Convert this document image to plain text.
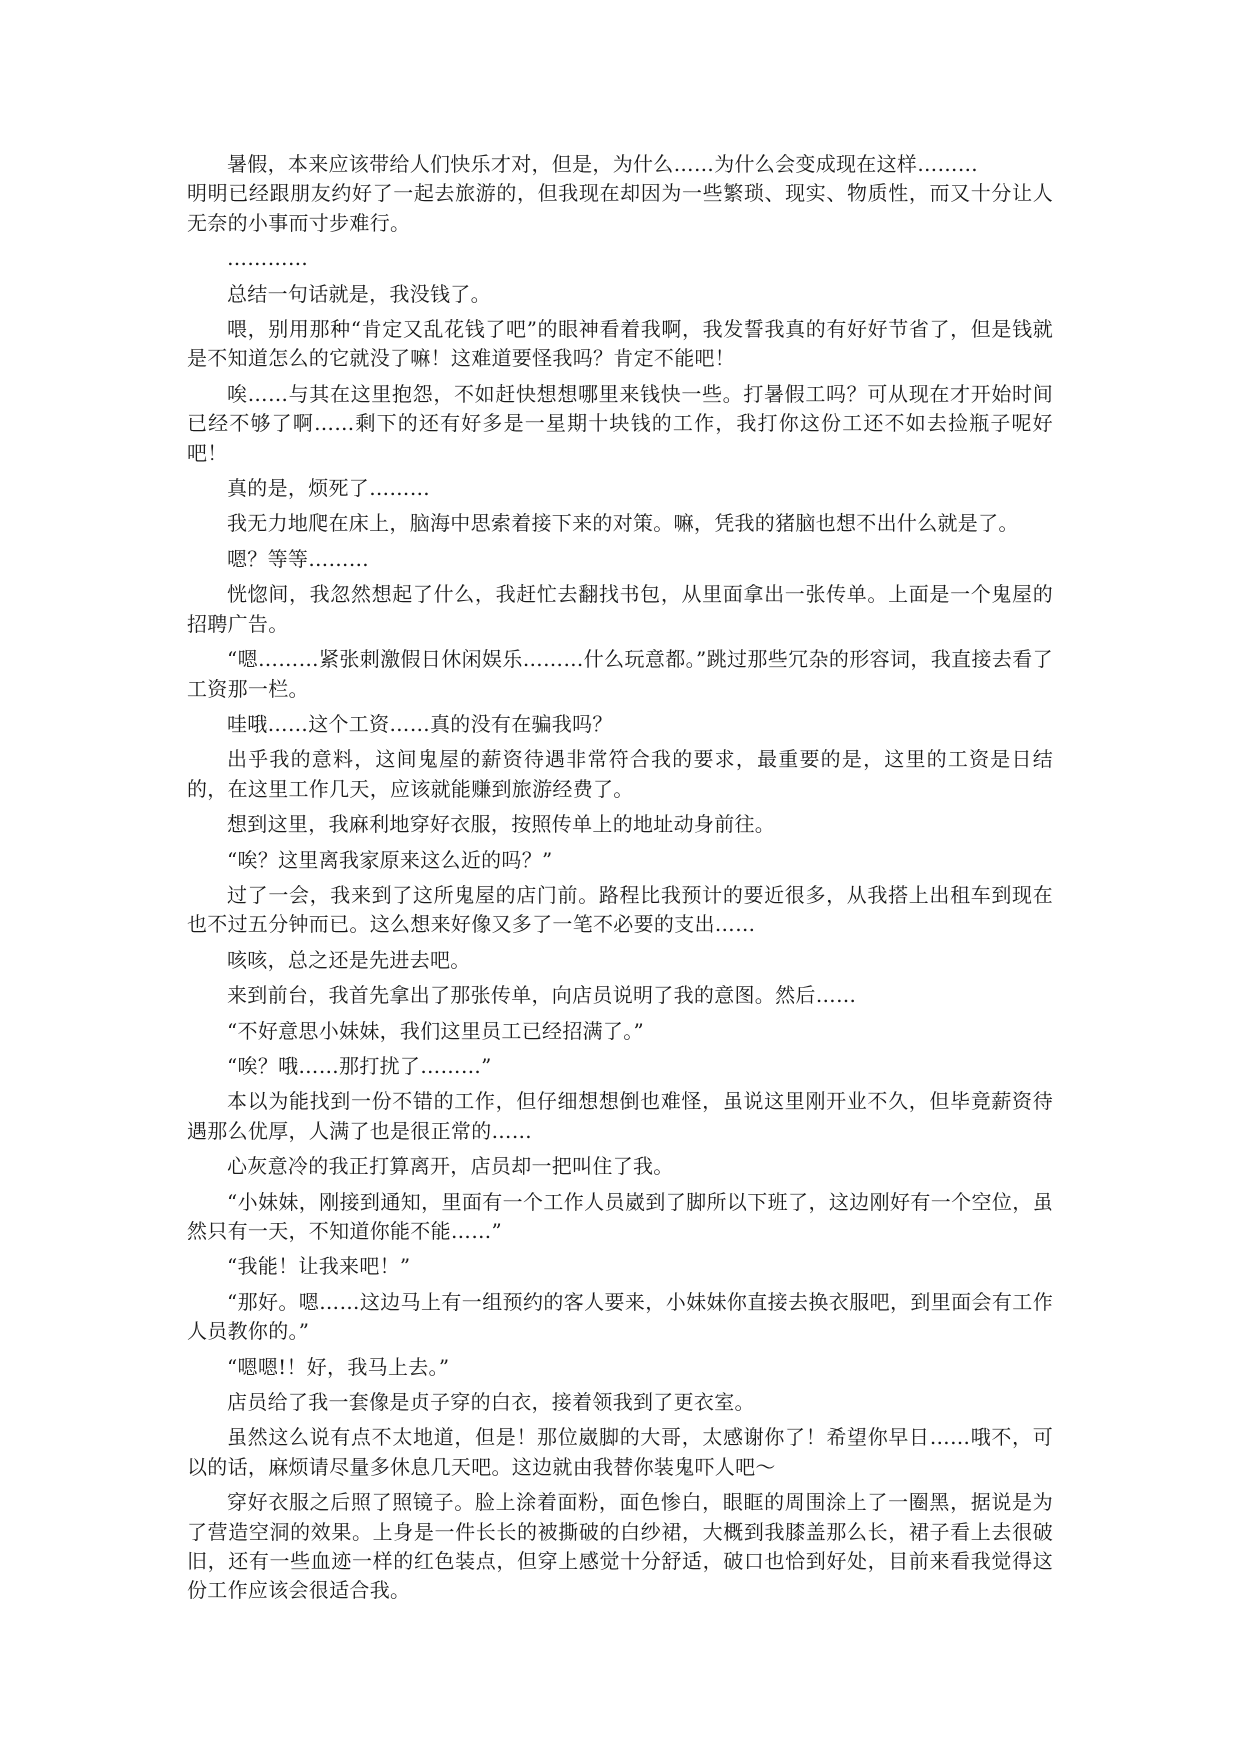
暑假，本来应该带给人们快乐才对，但是，为什么……为什么会变成现在这样………

明明已经跟朋友约好了一起去旅游的，但我现在却因为一些繁琐、现实、物质性，而又十分让人无奈的小事而寸步难行。

…………

总结一句话就是，我没钱了。

喂，别用那种“肯定又乱花钱了吧”的眼神看着我啊，我发誓我真的有好好节省了，但是钱就是不知道怎么的它就没了嘛！这难道要怪我吗？肯定不能吧！

唉……与其在这里抱怨，不如赶快想想哪里来钱快一些。打暑假工吗？可从现在才开始时间已经不够了啊……剩下的还有好多是一星期十块钱的工作，我打你这份工还不如去捡瓶子呢好吧！

真的是，烦死了………

我无力地爬在床上，脑海中思索着接下来的对策。嘛，凭我的猪脑也想不出什么就是了。

嗯？等等………

恍惚间，我忽然想起了什么，我赶忙去翻找书包，从里面拿出一张传单。上面是一个鬼屋的招聘广告。

“嗯………紧张刺激假日休闲娱乐………什么玩意都。”跳过那些冗杂的形容词，我直接去看了工资那一栏。

哇哦……这个工资……真的没有在骗我吗？

出乎我的意料，这间鬼屋的薪资待遇非常符合我的要求，最重要的是，这里的工资是日结的，在这里工作几天，应该就能赚到旅游经费了。

想到这里，我麻利地穿好衣服，按照传单上的地址动身前往。

“唉？这里离我家原来这么近的吗？”

过了一会，我来到了这所鬼屋的店门前。路程比我预计的要近很多，从我搭上出租车到现在也不过五分钟而已。这么想来好像又多了一笔不必要的支出……

咳咳，总之还是先进去吧。

来到前台，我首先拿出了那张传单，向店员说明了我的意图。然后……

“不好意思小妹妹，我们这里员工已经招满了。”

“唉？哦……那打扰了………”

本以为能找到一份不错的工作，但仔细想想倒也难怪，虽说这里刚开业不久，但毕竟薪资待遇那么优厚，人满了也是很正常的……

心灰意冷的我正打算离开，店员却一把叫住了我。

“小妹妹，刚接到通知，里面有一个工作人员崴到了脚所以下班了，这边刚好有一个空位，虽然只有一天，不知道你能不能……”

“我能！让我来吧！”

“那好。嗯……这边马上有一组预约的客人要来，小妹妹你直接去换衣服吧，到里面会有工作人员教你的。”

“嗯嗯!！好，我马上去。”

店员给了我一套像是贞子穿的白衣，接着领我到了更衣室。

虽然这么说有点不太地道，但是！那位崴脚的大哥，太感谢你了！希望你早日……哦不，可以的话，麻烦请尽量多休息几天吧。这边就由我替你装鬼吓人吧～

穿好衣服之后照了照镜子。脸上涂着面粉，面色惨白，眼眶的周围涂上了一圈黑，据说是为了营造空洞的效果。上身是一件长长的被撕破的白纱裙，大概到我膝盖那么长，裙子看上去很破旧，还有一些血迹一样的红色装点，但穿上感觉十分舒适，破口也恰到好处，目前来看我觉得这份工作应该会很适合我。
